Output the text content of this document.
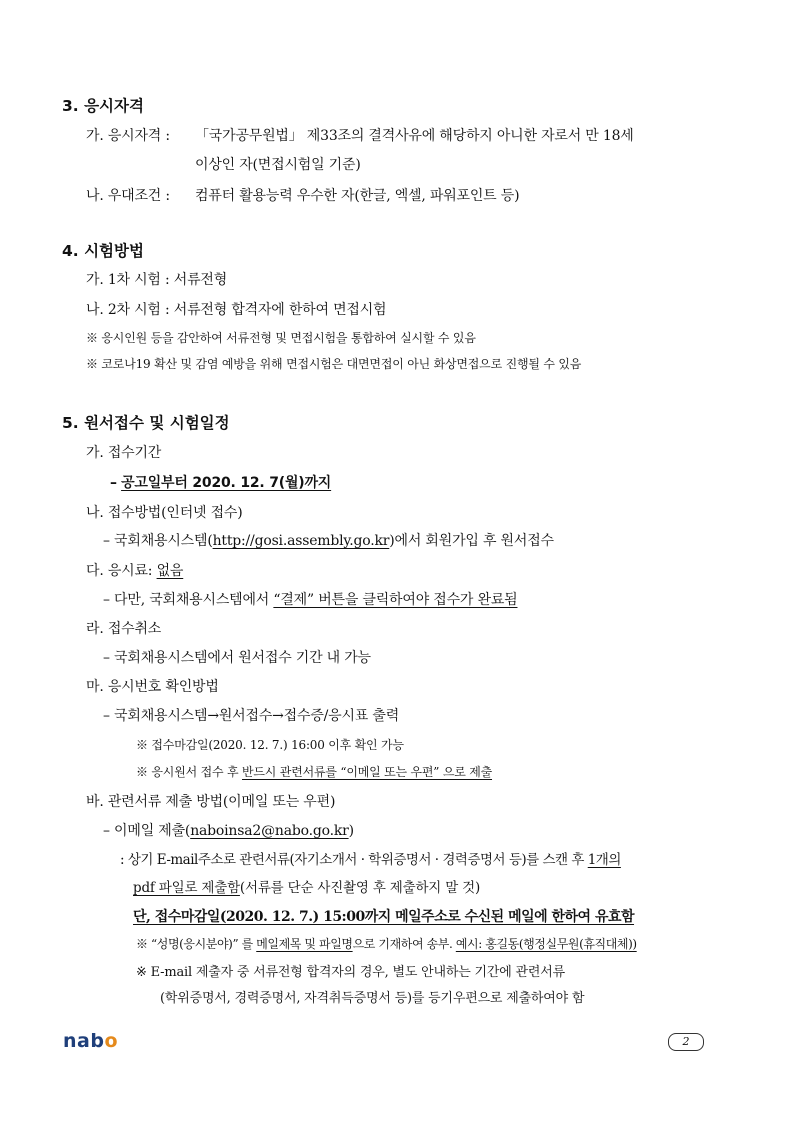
3. 응시자격
가. 응시자격 : 「국가공무원법」 제33조의 결격사유에 해당하지 아니한 자로서 만 18세
이상인 자(면접시험일 기준)
나. 우대조건 : 컴퓨터 활용능력 우수한 자(한글, 엑셀, 파워포인트 등)
4. 시험방법
가. 1차 시험 : 서류전형
나. 2차 시험 : 서류전형 합격자에 한하여 면접시험
※ 응시인원 등을 감안하여 서류전형 및 면접시험을 통합하여 실시할 수 있음
※ 코로나19 확산 및 감염 예방을 위해 면접시험은 대면면접이 아닌 화상면접으로 진행될 수 있음
5. 원서접수 및 시험일정
가. 접수기간
– 공고일부터 2020. 12. 7(월)까지
나. 접수방법(인터넷 접수)
– 국회채용시스템(http://gosi.assembly.go.kr)에서 회원가입 후 원서접수
다. 응시료: 없음
– 다만, 국회채용시스템에서 “결제” 버튼을 클릭하여야 접수가 완료됨
라. 접수취소
– 국회채용시스템에서 원서접수 기간 내 가능
마. 응시번호 확인방법
– 국회채용시스템→원서접수→접수증/응시표 출력
※ 접수마감일(2020. 12. 7.) 16:00 이후 확인 가능
※ 응시원서 접수 후 반드시 관련서류를 “이메일 또는 우편” 으로 제출
바. 관련서류 제출 방법(이메일 또는 우편)
– 이메일 제출(naboinsa2@nabo.go.kr)
: 상기 E-mail주소로 관련서류(자기소개서 · 학위증명서 · 경력증명서 등)를 스캔 후 1개의
pdf 파일로 제출함(서류를 단순 사진촬영 후 제출하지 말 것)
단, 접수마감일(2020. 12. 7.) 15:00까지 메일주소로 수신된 메일에 한하여 유효함
※ “성명(응시분야)” 를 메일제목 및 파일명으로 기재하여 송부. 예시: 홍길동(행정실무원(휴직대체))
※ E-mail 제출자 중 서류전형 합격자의 경우, 별도 안내하는 기간에 관련서류
(학위증명서, 경력증명서, 자격취득증명서 등)를 등기우편으로 제출하여야 함
nabo	2
